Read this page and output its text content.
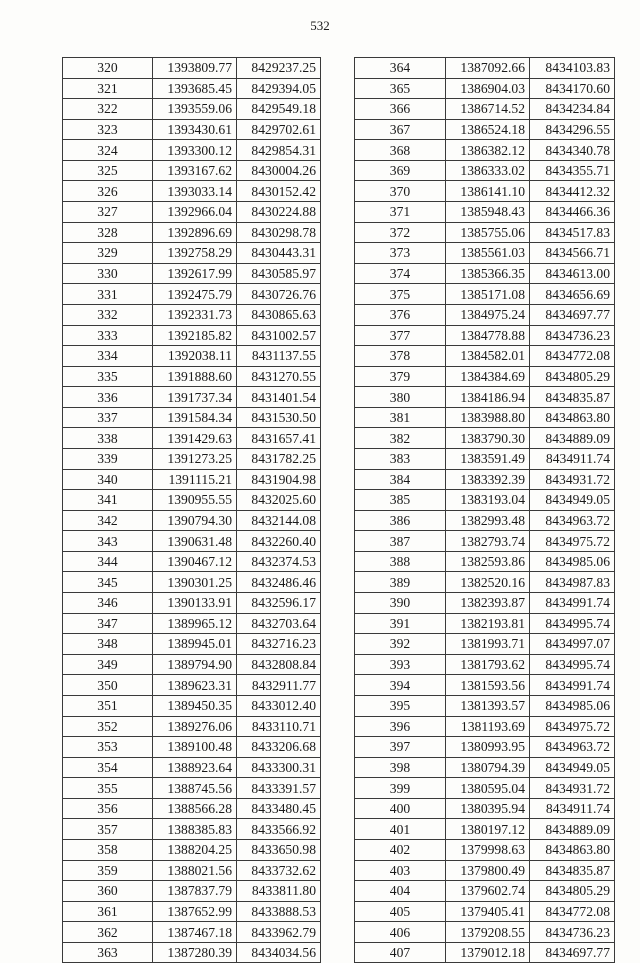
532
320	1393809.77	8429237.25
321	1393685.45	8429394.05
322	1393559.06	8429549.18
323	1393430.61	8429702.61
324	1393300.12	8429854.31
325	1393167.62	8430004.26
326	1393033.14	8430152.42
327	1392966.04	8430224.88
328	1392896.69	8430298.78
329	1392758.29	8430443.31
330	1392617.99	8430585.97
331	1392475.79	8430726.76
332	1392331.73	8430865.63
333	1392185.82	8431002.57
334	1392038.11	8431137.55
335	1391888.60	8431270.55
336	1391737.34	8431401.54
337	1391584.34	8431530.50
338	1391429.63	8431657.41
339	1391273.25	8431782.25
340	1391115.21	8431904.98
341	1390955.55	8432025.60
342	1390794.30	8432144.08
343	1390631.48	8432260.40
344	1390467.12	8432374.53
345	1390301.25	8432486.46
346	1390133.91	8432596.17
347	1389965.12	8432703.64
348	1389945.01	8432716.23
349	1389794.90	8432808.84
350	1389623.31	8432911.77
351	1389450.35	8433012.40
352	1389276.06	8433110.71
353	1389100.48	8433206.68
354	1388923.64	8433300.31
355	1388745.56	8433391.57
356	1388566.28	8433480.45
357	1388385.83	8433566.92
358	1388204.25	8433650.98
359	1388021.56	8433732.62
360	1387837.79	8433811.80
361	1387652.99	8433888.53
362	1387467.18	8433962.79
363	1387280.39	8434034.56
364	1387092.66	8434103.83
365	1386904.03	8434170.60
366	1386714.52	8434234.84
367	1386524.18	8434296.55
368	1386382.12	8434340.78
369	1386333.02	8434355.71
370	1386141.10	8434412.32
371	1385948.43	8434466.36
372	1385755.06	8434517.83
373	1385561.03	8434566.71
374	1385366.35	8434613.00
375	1385171.08	8434656.69
376	1384975.24	8434697.77
377	1384778.88	8434736.23
378	1384582.01	8434772.08
379	1384384.69	8434805.29
380	1384186.94	8434835.87
381	1383988.80	8434863.80
382	1383790.30	8434889.09
383	1383591.49	8434911.74
384	1383392.39	8434931.72
385	1383193.04	8434949.05
386	1382993.48	8434963.72
387	1382793.74	8434975.72
388	1382593.86	8434985.06
389	1382520.16	8434987.83
390	1382393.87	8434991.74
391	1382193.81	8434995.74
392	1381993.71	8434997.07
393	1381793.62	8434995.74
394	1381593.56	8434991.74
395	1381393.57	8434985.06
396	1381193.69	8434975.72
397	1380993.95	8434963.72
398	1380794.39	8434949.05
399	1380595.04	8434931.72
400	1380395.94	8434911.74
401	1380197.12	8434889.09
402	1379998.63	8434863.80
403	1379800.49	8434835.87
404	1379602.74	8434805.29
405	1379405.41	8434772.08
406	1379208.55	8434736.23
407	1379012.18	8434697.77
